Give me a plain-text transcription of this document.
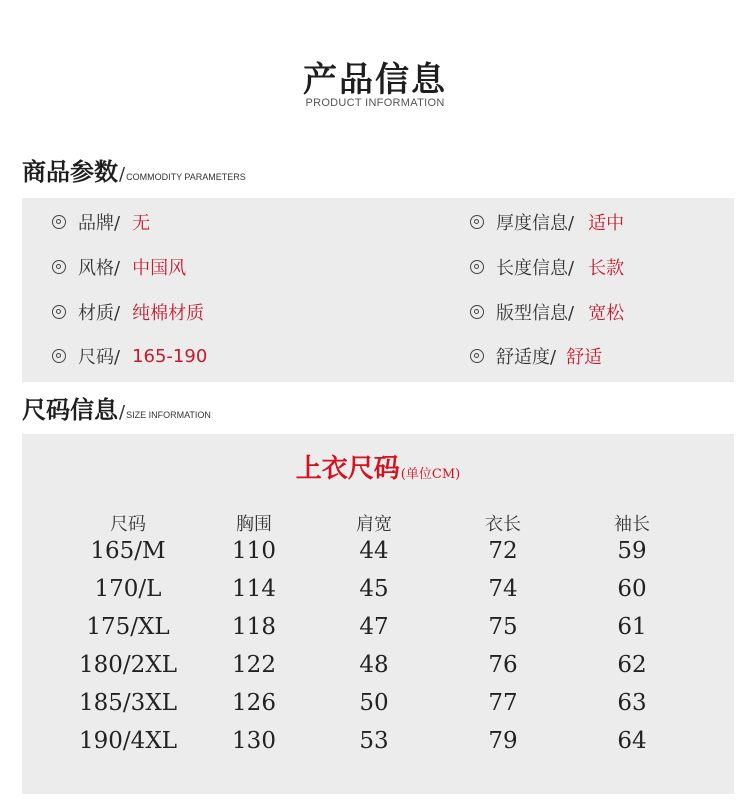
产品信息
PRODUCT INFORMATION
商品参数 / COMMODITY PARAMETERS
品牌/ 无
风格/ 中国风
材质/ 纯棉材质
尺码/ 165-190
厚度信息/ 适中
长度信息/ 长款
版型信息/ 宽松
舒适度/ 舒适
尺码信息 / SIZE INFORMATION
上衣尺码 (单位CM)
尺码	胸围	肩宽	衣长	袖长
165/M	110	44	72	59
170/L	114	45	74	60
175/XL	118	47	75	61
180/2XL 122	48	76	62
185/3XL 126	50	77	63
190/4XL 130	53	79	64
